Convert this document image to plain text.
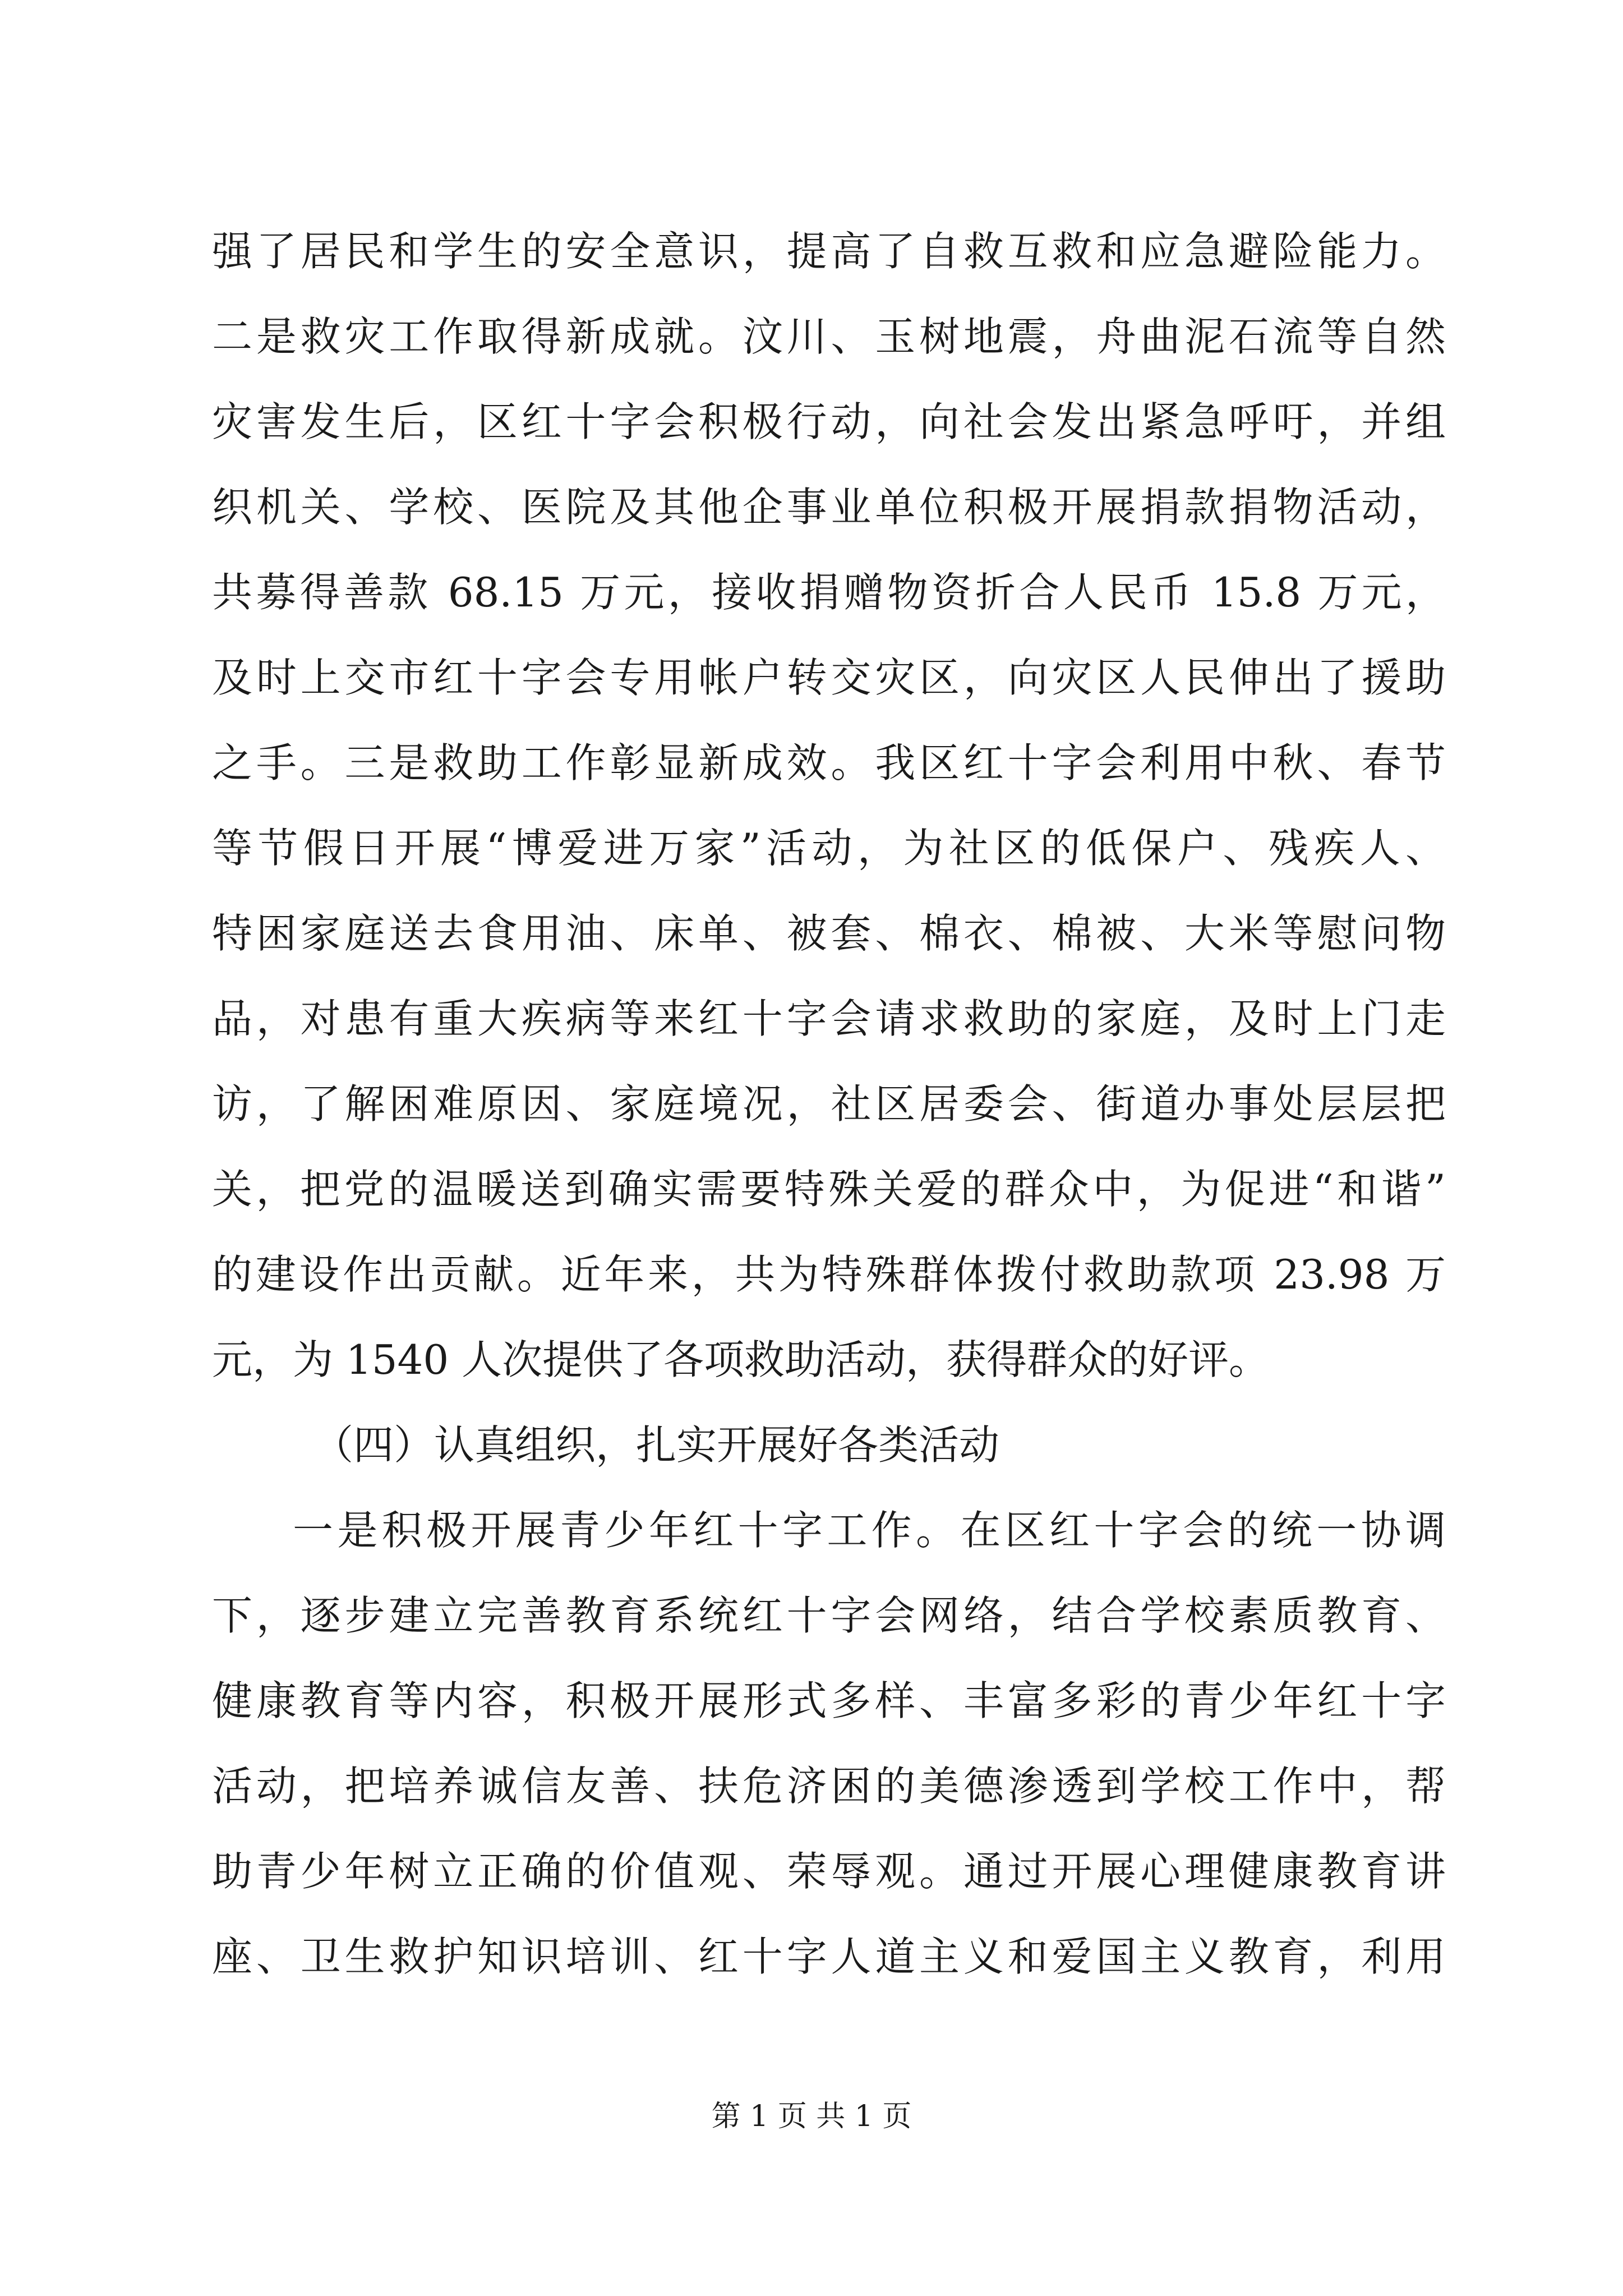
强了居民和学生的安全意识，提高了自救互救和应急避险能力。
二是救灾工作取得新成就。汶川、玉树地震，舟曲泥石流等自然
灾害发生后，区红十字会积极行动，向社会发出紧急呼吁，并组
织机关、学校、医院及其他企事业单位积极开展捐款捐物活动，
共募得善款 68.15 万元，接收捐赠物资折合人民币 15.8 万元，
及时上交市红十字会专用帐户转交灾区，向灾区人民伸出了援助
之手。三是救助工作彰显新成效。我区红十字会利用中秋、春节
等节假日开展“博爱进万家”活动，为社区的低保户、残疾人、
特困家庭送去食用油、床单、被套、棉衣、棉被、大米等慰问物
品，对患有重大疾病等来红十字会请求救助的家庭，及时上门走
访，了解困难原因、家庭境况，社区居委会、街道办事处层层把
关，把党的温暖送到确实需要特殊关爱的群众中，为促进“和谐”
的建设作出贡献。近年来，共为特殊群体拨付救助款项 23.98 万
元，为 1540 人次提供了各项救助活动，获得群众的好评。
（四）认真组织，扎实开展好各类活动
一是积极开展青少年红十字工作。在区红十字会的统一协调
下，逐步建立完善教育系统红十字会网络，结合学校素质教育、
健康教育等内容，积极开展形式多样、丰富多彩的青少年红十字
活动，把培养诚信友善、扶危济困的美德渗透到学校工作中，帮
助青少年树立正确的价值观、荣辱观。通过开展心理健康教育讲
座、卫生救护知识培训、红十字人道主义和爱国主义教育，利用
第 1 页 共 1 页
